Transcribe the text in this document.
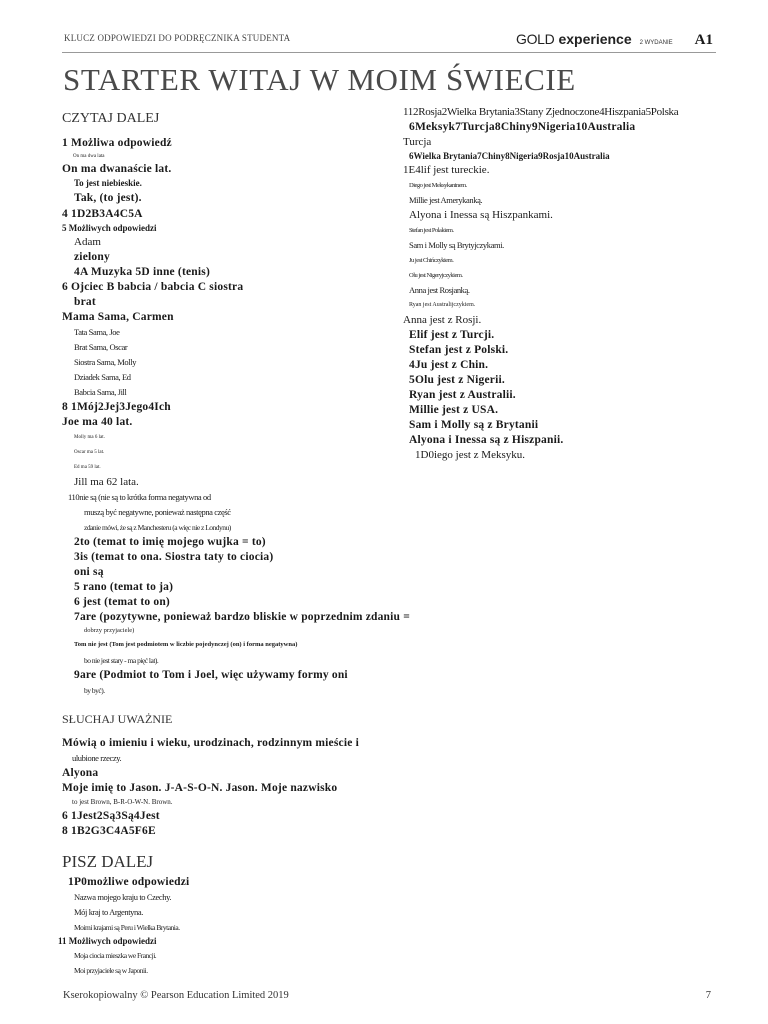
KLUCZ ODPOWIEDZI DO PODRĘCZNIKA STUDENTA	GOLD experience 2 WYDANIE A1
STARTER WITAJ W MOIM ŚWIECIE
CZYTAJ DALEJ
1 Możliwa odpowiedź
On ma dwa lata
On ma dwanaście lat.
To jest niebieskie.
Tak, (to jest).
4 1D2B3A4C5A
5 Możliwych odpowiedzi
Adam
zielony
4A Muzyka 5D inne (tenis)
6 Ojciec B babcia / babcia C siostra
brat
Mama Sama, Carmen
Tata Sama, Joe
Brat Sama, Oscar
Siostra Sama, Molly
Dziadek Sama, Ed
Babcia Sama, Jill
8 1Mój2Jej3Jego4Ich
Joe ma 40 lat.
Molly ma 6 lat.
Oscar ma 5 lat.
Ed ma 59 lat.
Jill ma 62 lata.
110nie są (nie są to krótka forma negatywna od
muszą być negatywne, ponieważ następna część
zdanie mówi, że są z Manchesteru (a więc nie z Londynu)
2to (temat to imię mojego wujka = to)
3is (temat to ona. Siostra taty to ciocia)
oni są
5 rano (temat to ja)
6 jest (temat to on)
7are (pozytywne, ponieważ bardzo bliskie w poprzednim zdaniu =
dobrzy przyjaciele)
Tom nie jest (Tom jest podmiotem w liczbie pojedynczej (on) i forma negatywna)
bo nie jest stary - ma pięć lat).
9are (Podmiot to Tom i Joel, więc używamy formy oni
by być).
SŁUCHAJ UWAŻNIE
Mówią o imieniu i wieku, urodzinach, rodzinnym mieście i
ulubione rzeczy.
Alyona
Moje imię to Jason. J-A-S-O-N. Jason. Moje nazwisko
to jest Brown, B-R-O-W-N. Brown.
6 1Jest2Są3Są4Jest
8 1B2G3C4A5F6E
PISZ DALEJ
1P0możliwe odpowiedzi
Nazwa mojego kraju to Czechy.
Mój kraj to Argentyna.
Moimi krajami są Peru i Wielka Brytania.
11 Możliwych odpowiedzi
Moja ciocia mieszka we Francji.
Moi przyjaciele są w Japonii.
112Rosja2Wielka Brytania3Stany Zjednoczone4Hiszpania5Polska
6Meksyk7Turcja8Chiny9Nigeria10Australia
Turcja
6Wielka Brytania7Chiny8Nigeria9Rosja10Australia
1E4lif jest tureckie.
Diego jest Meksykaninem.
Millie jest Amerykanką.
Alyona i Inessa są Hiszpankami.
Stefan jest Polakiem.
Sam i Molly są Brytyjczykami.
Ju jest Chińczykiem.
Olu jest Nigeryjczykiem.
Anna jest Rosjanką.
Ryan jest Australijczykiem.
Anna jest z Rosji.
Elif jest z Turcji.
Stefan jest z Polski.
4Ju jest z Chin.
5Olu jest z Nigerii.
Ryan jest z Australii.
Millie jest z USA.
Sam i Molly są z Brytanii
Alyona i Inessa są z Hiszpanii.
1D0iego jest z Meksyku.
Kserokopiowalny © Pearson Education Limited 2019	7
